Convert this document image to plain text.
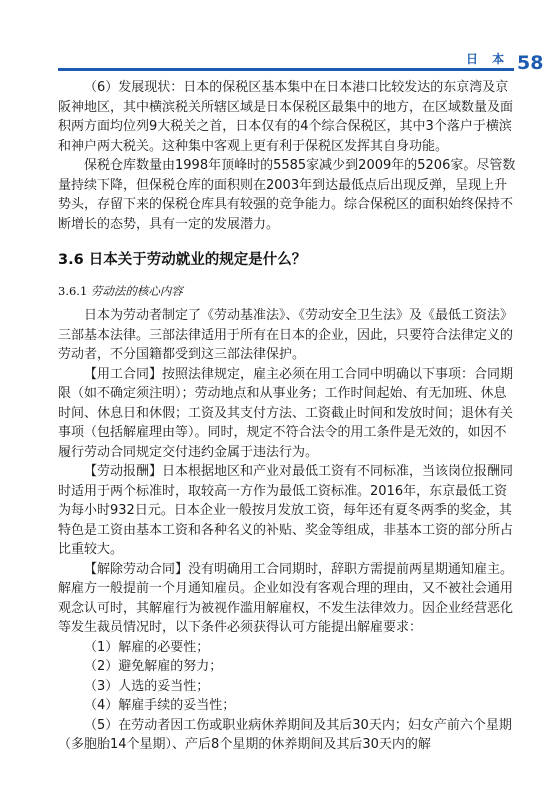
日 本 58

（6）发展现状：日本的保税区基本集中在日本港口比较发达的东京湾及京阪神地区，其中横滨税关所辖区域是日本保税区最集中的地方，在区域数量及面积两方面均位列9大税关之首，日本仅有的4个综合保税区，其中3个落户于横滨和神户两大税关。这种集中客观上更有利于保税区发挥其自身功能。

保税仓库数量由1998年顶峰时的5585家减少到2009年的5206家。尽管数量持续下降，但保税仓库的面积则在2003年到达最低点后出现反弹，呈现上升势头，存留下来的保税仓库具有较强的竞争能力。综合保税区的面积始终保持不断增长的态势，具有一定的发展潜力。

3.6 日本关于劳动就业的规定是什么？
3.6.1 劳动法的核心内容

日本为劳动者制定了《劳动基准法》、《劳动安全卫生法》及《最低工资法》三部基本法律。三部法律适用于所有在日本的企业，因此，只要符合法律定义的劳动者，不分国籍都受到这三部法律保护。

【用工合同】按照法律规定，雇主必须在用工合同中明确以下事项：合同期限（如不确定须注明）；劳动地点和从事业务；工作时间起始、有无加班、休息时间、休息日和休假；工资及其支付方法、工资截止时间和发放时间；退休有关事项（包括解雇理由等）。同时，规定不符合法令的用工条件是无效的，如因不履行劳动合同规定交付违约金属于违法行为。

【劳动报酬】日本根据地区和产业对最低工资有不同标准，当该岗位报酬同时适用于两个标准时，取较高一方作为最低工资标准。2016年，东京最低工资为每小时932日元。日本企业一般按月发放工资，每年还有夏冬两季的奖金，其特色是工资由基本工资和各种名义的补贴、奖金等组成，非基本工资的部分所占比重较大。

【解除劳动合同】没有明确用工合同期时，辞职方需提前两星期通知雇主。解雇方一般提前一个月通知雇员。企业如没有客观合理的理由，又不被社会通用观念认可时，其解雇行为被视作滥用解雇权，不发生法律效力。因企业经营恶化等发生裁员情况时，以下条件必须获得认可方能提出解雇要求：

（1）解雇的必要性；

（2）避免解雇的努力；

（3）人选的妥当性；

（4）解雇手续的妥当性；

（5）在劳动者因工伤或职业病休养期间及其后30天内；妇女产前六个星期（多胞胎14个星期）、产后8个星期的休养期间及其后30天内的解
